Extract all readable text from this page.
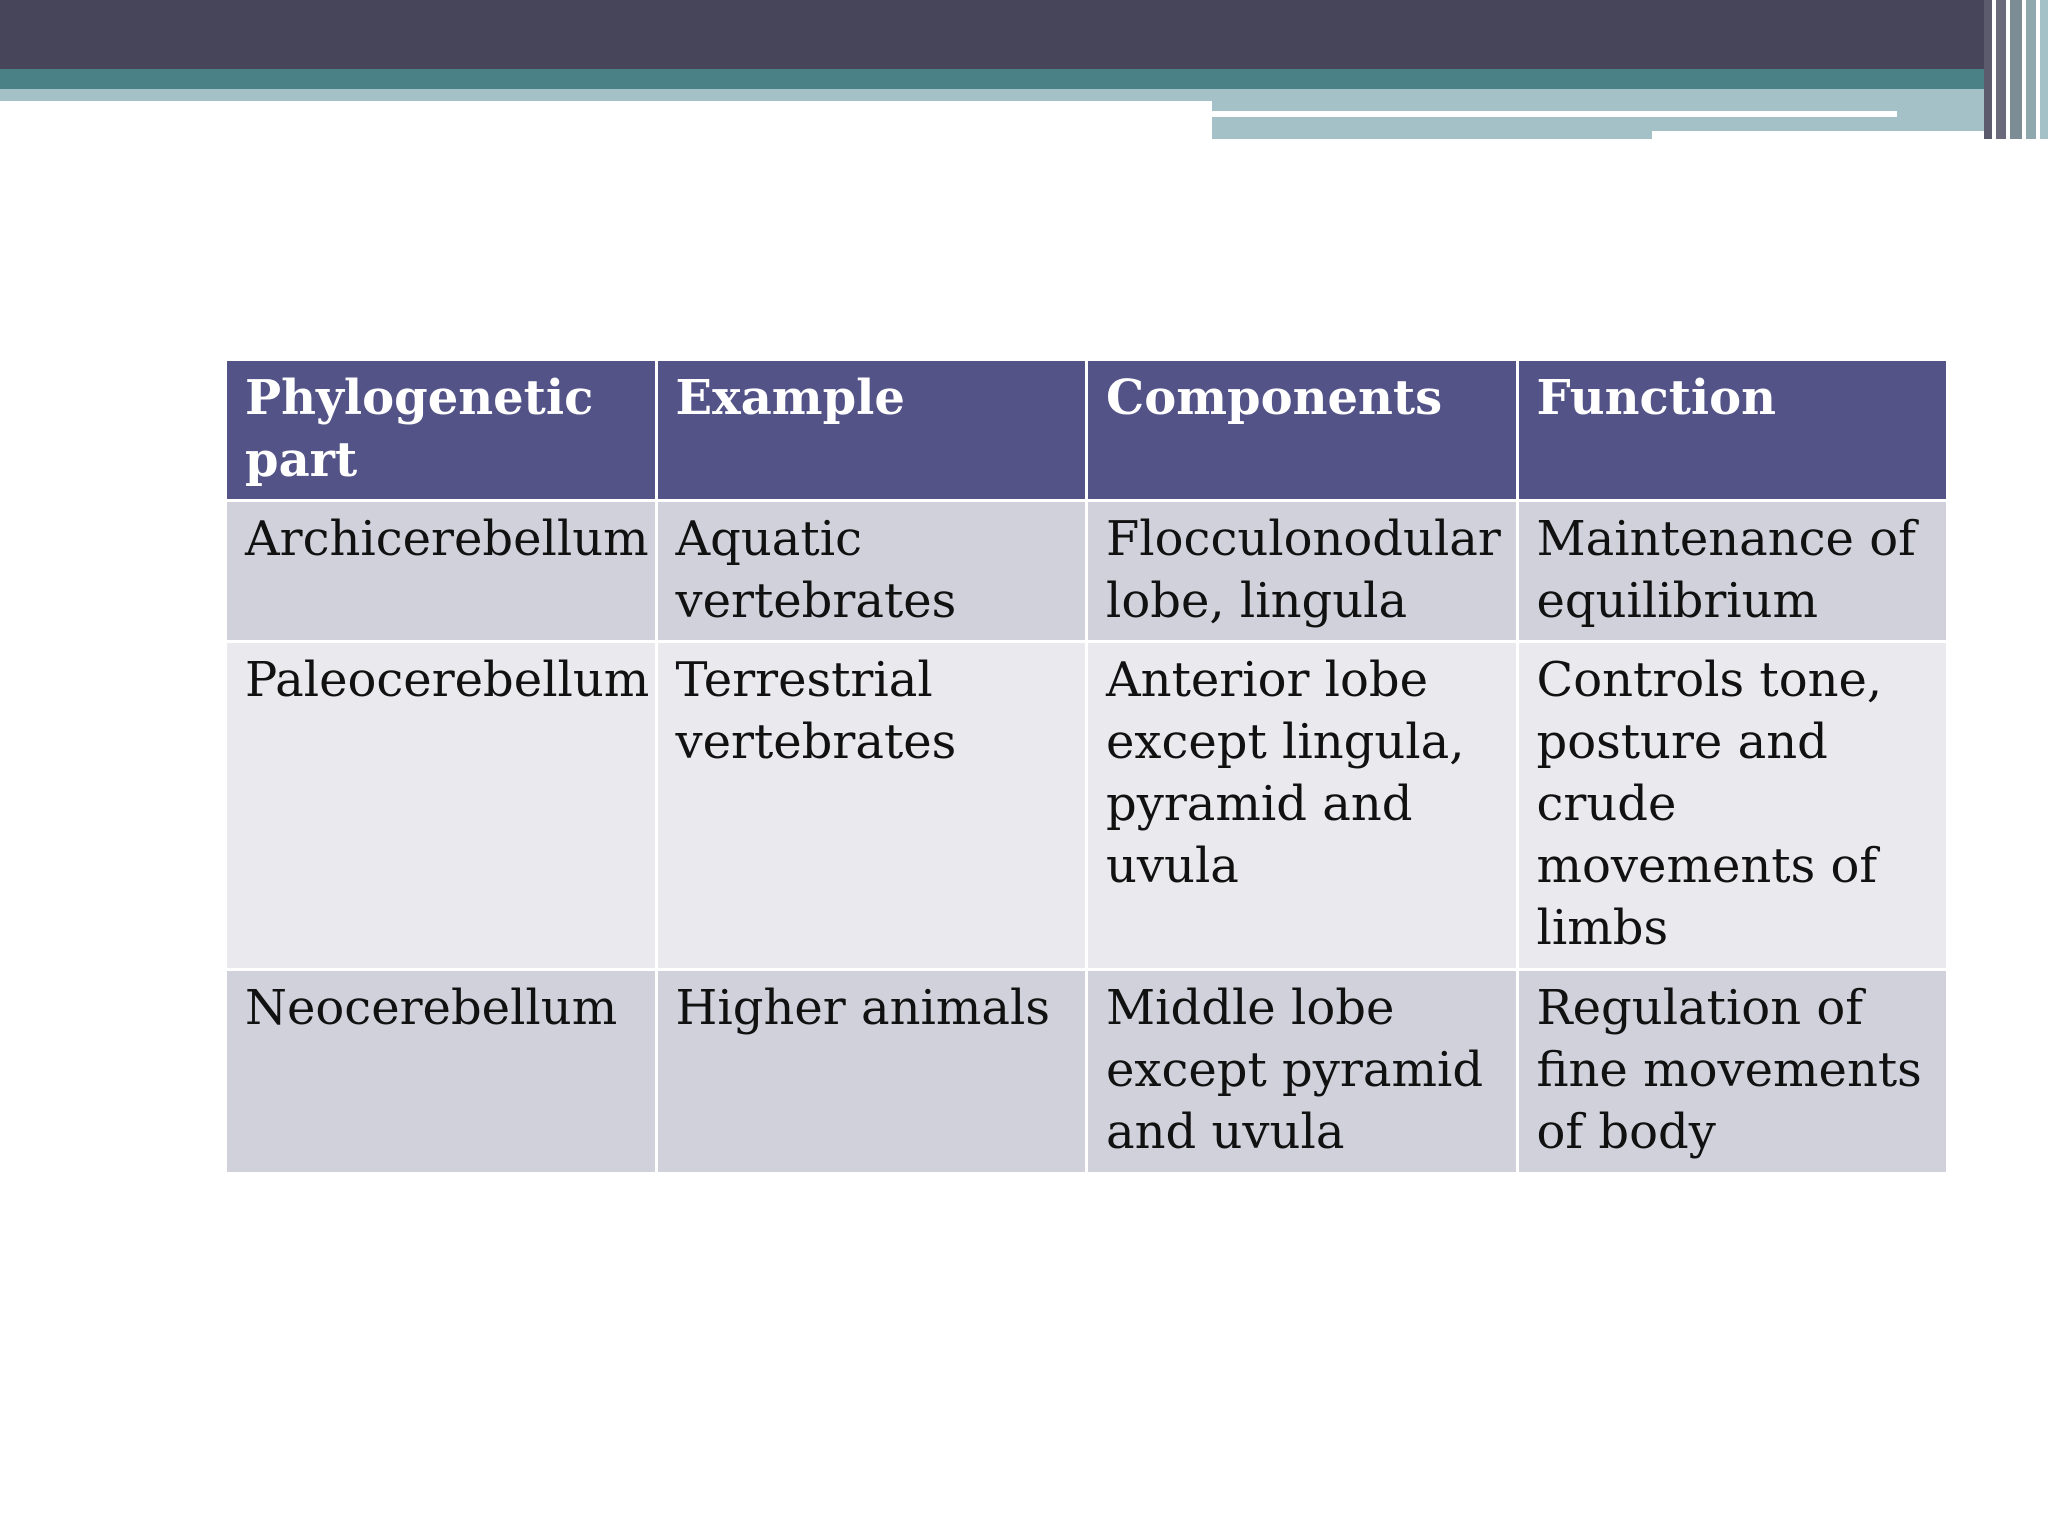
Phylogenetic part	Example	Components	Function
Archicerebellum	Aquatic vertebrates	Flocculonodular lobe, lingula	Maintenance of equilibrium
Paleocerebellum	Terrestrial vertebrates	Anterior lobe except lingula, pyramid and uvula	Controls tone, posture and crude movements of limbs
Neocerebellum	Higher animals	Middle lobe except pyramid and uvula	Regulation of fine movements of body
